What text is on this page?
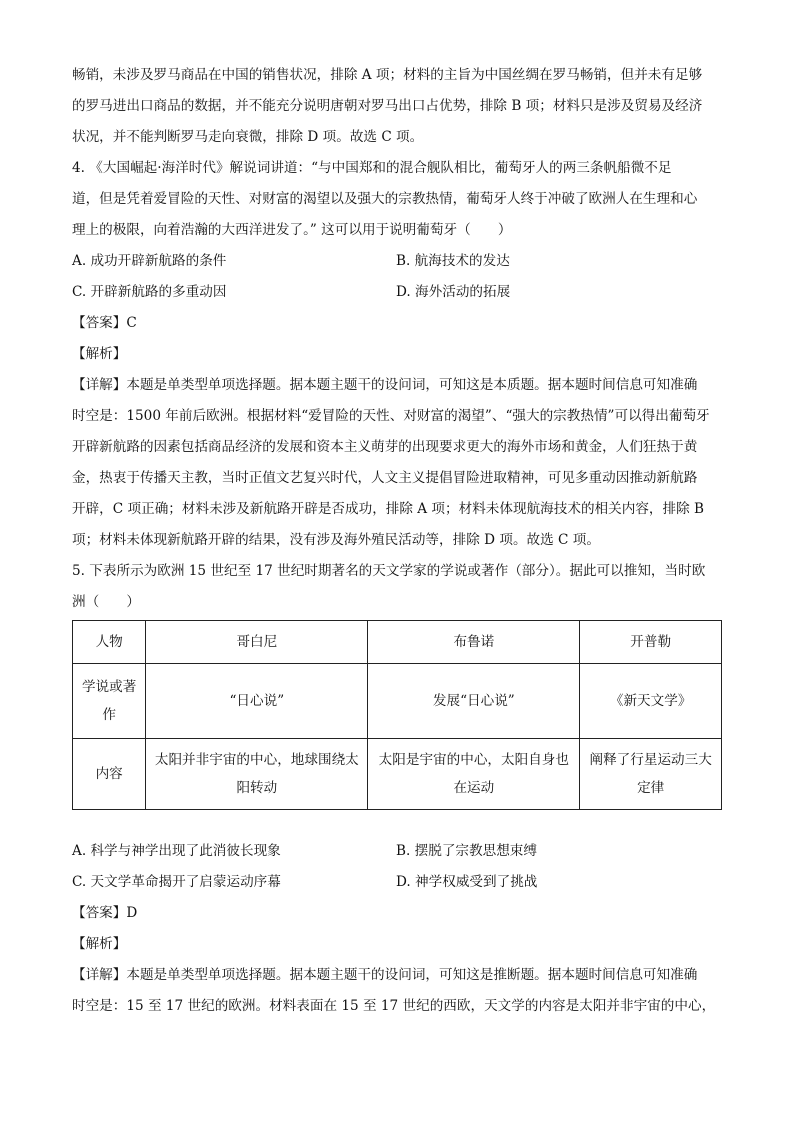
畅销，未涉及罗马商品在中国的销售状况，排除 A 项；材料的主旨为中国丝绸在罗马畅销，但并未有足够

的罗马进出口商品的数据，并不能充分说明唐朝对罗马出口占优势，排除 B 项；材料只是涉及贸易及经济

状况，并不能判断罗马走向衰微，排除 D 项。故选 C 项。

4. 《大国崛起·海洋时代》解说词讲道：“与中国郑和的混合舰队相比，葡萄牙人的两三条帆船微不足

道，但是凭着爱冒险的天性、对财富的渴望以及强大的宗教热情，葡萄牙人终于冲破了欧洲人在生理和心

理上的极限，向着浩瀚的大西洋进发了。” 这可以用于说明葡萄牙（　　）

A. 成功开辟新航路的条件	B. 航海技术的发达
C. 开辟新航路的多重动因	D. 海外活动的拓展

【答案】C

【解析】

【详解】本题是单类型单项选择题。据本题主题干的设问词，可知这是本质题。据本题时间信息可知准确

时空是：1500 年前后欧洲。根据材料“爱冒险的天性、对财富的渴望”、“强大的宗教热情”可以得出葡萄牙

开辟新航路的因素包括商品经济的发展和资本主义萌芽的出现要求更大的海外市场和黄金，人们狂热于黄

金，热衷于传播天主教，当时正值文艺复兴时代，人文主义提倡冒险进取精神，可见多重动因推动新航路

开辟，C 项正确；材料未涉及新航路开辟是否成功，排除 A 项；材料未体现航海技术的相关内容，排除 B

项；材料未体现新航路开辟的结果，没有涉及海外殖民活动等，排除 D 项。故选 C 项。

5. 下表所示为欧洲 15 世纪至 17 世纪时期著名的天文学家的学说或著作（部分）。据此可以推知，当时欧

洲（　　）

人物	哥白尼	布鲁诺	开普勒
学说或著作	“日心说”	发展“日心说”	《新天文学》
内容	太阳并非宇宙的中心，地球围绕太阳转动	太阳是宇宙的中心，太阳自身也在运动	阐释了行星运动三大定律
A. 科学与神学出现了此消彼长现象	B. 摆脱了宗教思想束缚
C. 天文学革命揭开了启蒙运动序幕	D. 神学权威受到了挑战

【答案】D

【解析】

【详解】本题是单类型单项选择题。据本题主题干的设问词，可知这是推断题。据本题时间信息可知准确

时空是：15 至 17 世纪的欧洲。材料表面在 15 至 17 世纪的西欧，天文学的内容是太阳并非宇宙的中心，
